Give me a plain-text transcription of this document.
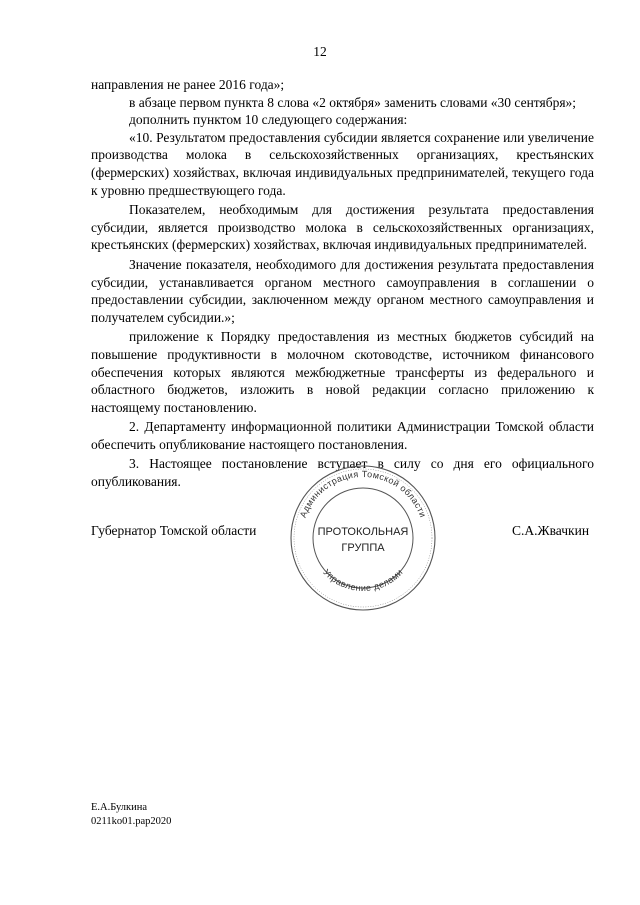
12

направления не ранее 2016 года»;

в абзаце первом пункта 8 слова «2 октября» заменить словами «30 сентября»;

дополнить пунктом 10 следующего содержания:

«10. Результатом предоставления субсидии является сохранение или увеличение производства молока в сельскохозяйственных организациях, крестьянских (фермерских) хозяйствах, включая индивидуальных предпринимателей, текущего года к уровню предшествующего года.

Показателем, необходимым для достижения результата предоставления субсидии, является производство молока в сельскохозяйственных организациях, крестьянских (фермерских) хозяйствах, включая индивидуальных предпринимателей.

Значение показателя, необходимого для достижения результата предоставления субсидии, устанавливается органом местного самоуправления в соглашении о предоставлении субсидии, заключенном между органом местного самоуправления и получателем субсидии.»;

приложение к Порядку предоставления из местных бюджетов субсидий на повышение продуктивности в молочном скотоводстве, источником финансового обеспечения которых являются межбюджетные трансферты из федерального и областного бюджетов, изложить в новой редакции согласно приложению к настоящему постановлению.

2. Департаменту информационной политики Администрации Томской области обеспечить опубликование настоящего постановления.

3. Настоящее постановление вступает в силу со дня его официального опубликования.

Губернатор Томской области
Администрация Томской области
Управление делами
ПРОТОКОЛЬНАЯ
ГРУППА
С.А.Жвачкин
Е.А.Булкина
0211ko01.pap2020
